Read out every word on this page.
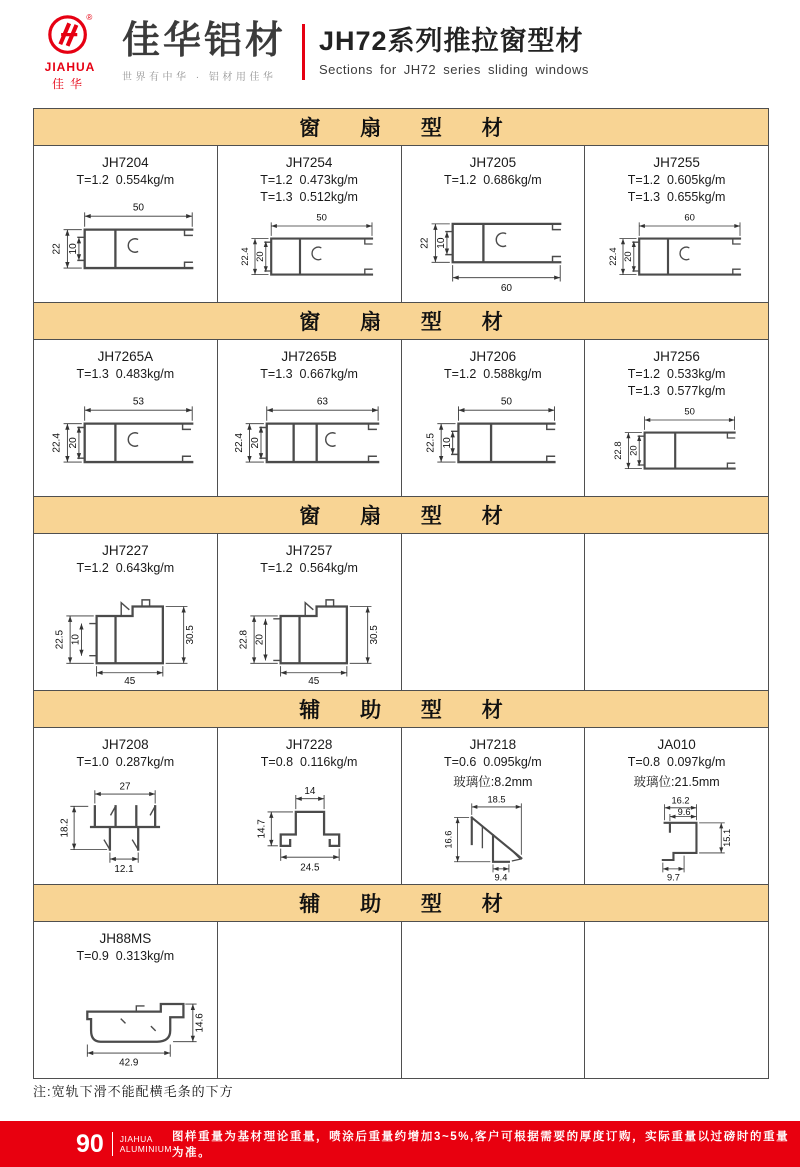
®
JIAHUA
佳华
佳华铝材
世界有中华 · 铝材用佳华
JH72系列推拉窗型材
Sections for JH72 series sliding windows
窗 扇 型 材
JH7204
T=1.2  0.554kg/m
50
22 10
JH7254
T=1.2  0.473kg/m
T=1.3  0.512kg/m
50
22.4 20
JH7205
T=1.2  0.686kg/m
60
22 10
JH7255
T=1.2  0.605kg/m
T=1.3  0.655kg/m
60
22.4 20
窗 扇 型 材
JH7265A
T=1.3  0.483kg/m
53
22.4 20
JH7265B
T=1.3  0.667kg/m
63
22.4 20
JH7206
T=1.2  0.588kg/m
50
22.5 10
JH7256
T=1.2  0.533kg/m
T=1.3  0.577kg/m
50
22.8 20
窗 扇 型 材
JH7227
T=1.2  0.643kg/m
22.5 10	30.5
45
JH7257
T=1.2  0.564kg/m
22.8 20	30.5
45
辅 助 型 材
JH7208
T=1.0  0.287kg/m
27
18.2
12.1
JH7228
T=0.8  0.116kg/m
14
14.7
24.5
JH7218
T=0.6  0.095kg/m
玻璃位:8.2mm
18.5
16.6
9.4
JA010
T=0.8  0.097kg/m
玻璃位:21.5mm
16.2
9.6
15.1
9.7
辅 助 型 材
JH88MS
T=0.9  0.313kg/m
42.9
14.6
注:宽轨下滑不能配横毛条的下方
90 JIAHUA
ALUMINIUM
图样重量为基材理论重量，喷涂后重量约增加3~5%,客户可根据需要的厚度订购，实际重量以过磅时的重量为准。
